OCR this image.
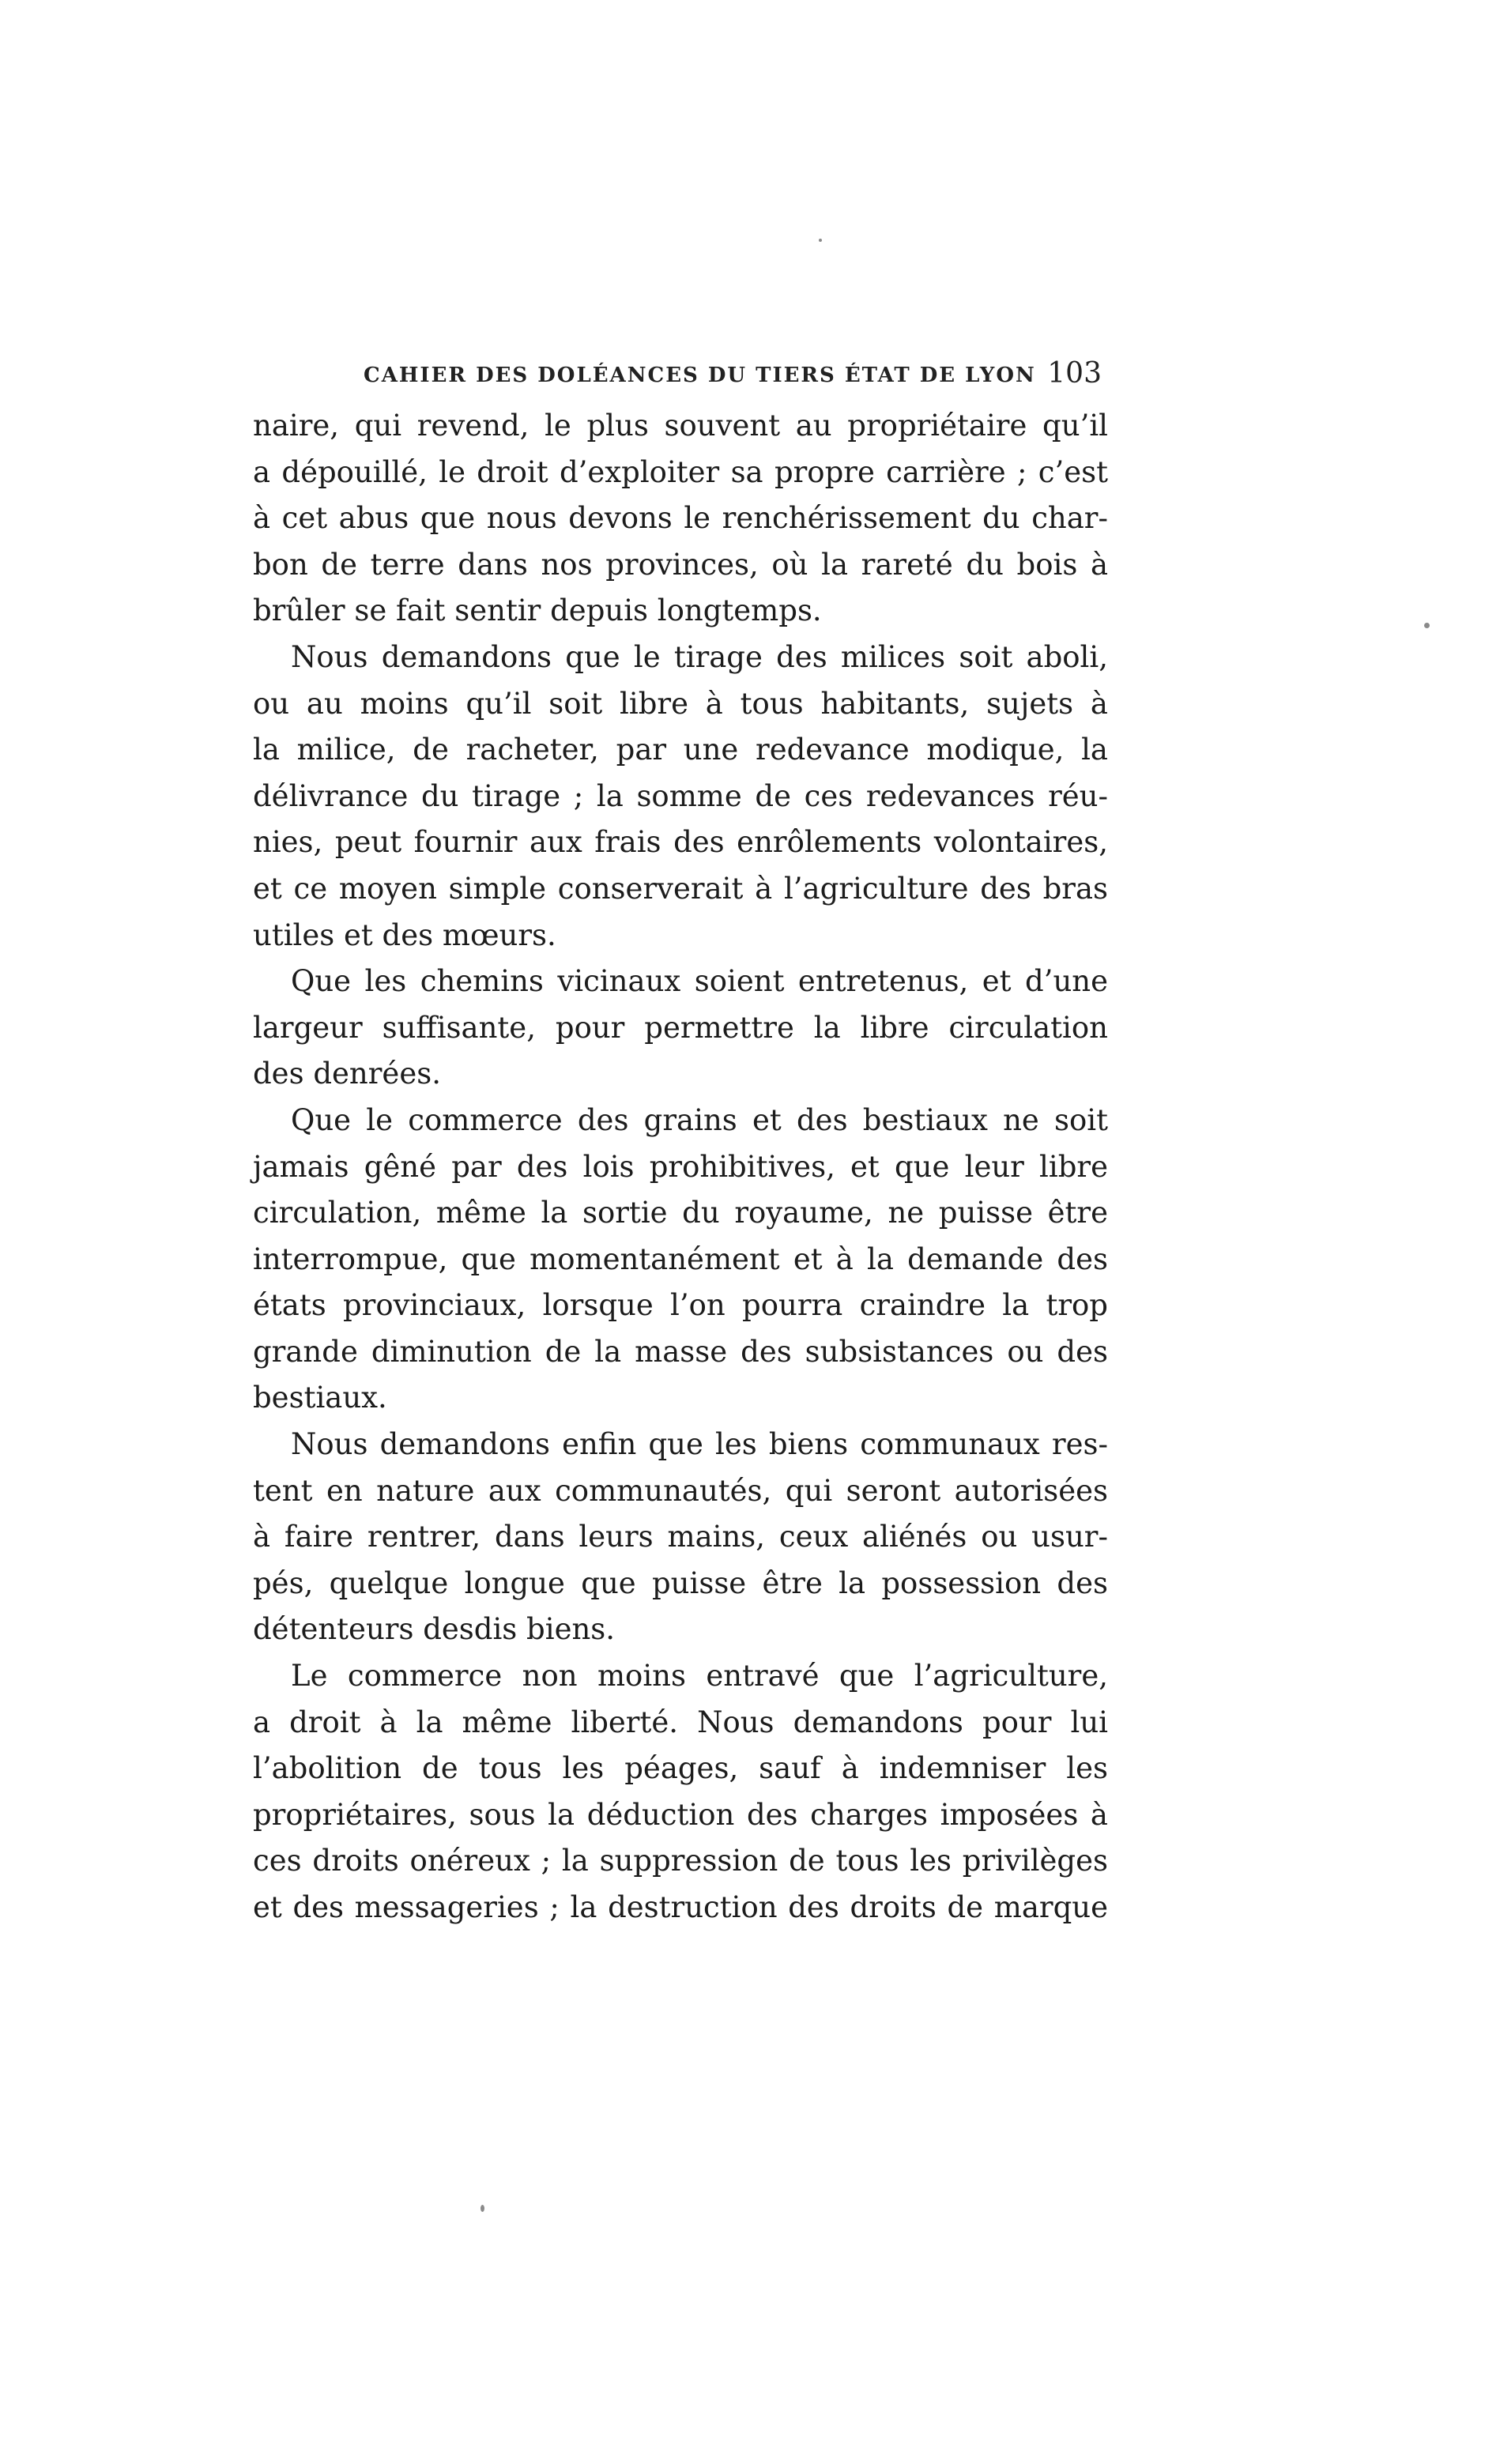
CAHIER DES DOLÉANCES DU TIERS ÉTAT DE LYON 103
naire, qui revend, le plus souvent au propriétaire qu’il
a dépouillé, le droit d’exploiter sa propre carrière ; c’est
à cet abus que nous devons le renchérissement du char-
bon de terre dans nos provinces, où la rareté du bois à
brûler se fait sentir depuis longtemps.
Nous demandons que le tirage des milices soit aboli,
ou au moins qu’il soit libre à tous habitants, sujets à
la milice, de racheter, par une redevance modique, la
délivrance du tirage ; la somme de ces redevances réu-
nies, peut fournir aux frais des enrôlements volontaires,
et ce moyen simple conserverait à l’agriculture des bras
utiles et des mœurs.
Que les chemins vicinaux soient entretenus, et d’une
largeur suffisante, pour permettre la libre circulation
des denrées.
Que le commerce des grains et des bestiaux ne soit
jamais gêné par des lois prohibitives, et que leur libre
circulation, même la sortie du royaume, ne puisse être
interrompue, que momentanément et à la demande des
états provinciaux, lorsque l’on pourra craindre la trop
grande diminution de la masse des subsistances ou des
bestiaux.
Nous demandons enfin que les biens communaux res-
tent en nature aux communautés, qui seront autorisées
à faire rentrer, dans leurs mains, ceux aliénés ou usur-
pés, quelque longue que puisse être la possession des
détenteurs desdis biens.
Le commerce non moins entravé que l’agriculture,
a droit à la même liberté. Nous demandons pour lui
l’abolition de tous les péages, sauf à indemniser les
propriétaires, sous la déduction des charges imposées à
ces droits onéreux ; la suppression de tous les privilèges
et des messageries ; la destruction des droits de marque
